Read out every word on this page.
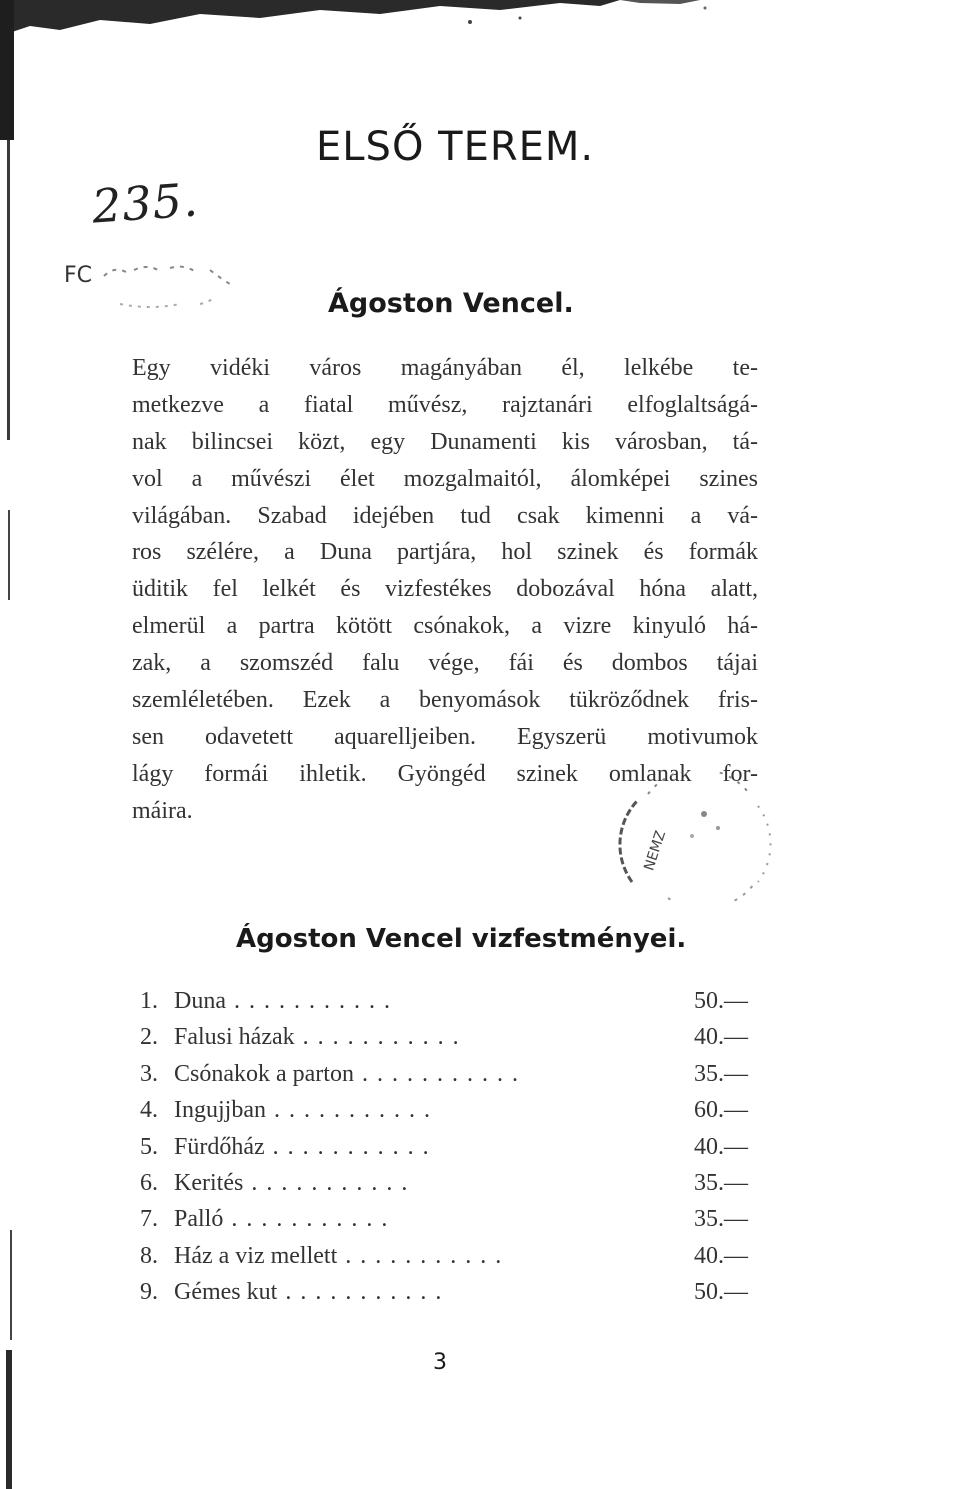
235.
FC
ELSŐ TEREM.
Ágoston Vencel.
Egy vidéki város magányában él, lelkébe te-
metkezve a fiatal művész, rajztanári elfoglaltságá-
nak bilincsei közt, egy Dunamenti kis városban, tá-
vol a művészi élet mozgalmaitól, álomképei szines
világában. Szabad idejében tud csak kimenni a vá-
ros szélére, a Duna partjára, hol szinek és formák
üditik fel lelkét és vizfestékes dobozával hóna alatt,
elmerül a partra kötött csónakok, a vizre kinyuló há-
zak, a szomszéd falu vége, fái és dombos tájai
szemléletében. Ezek a benyomások tükröződnek fris-
sen odavetett aquarelljeiben. Egyszerü motivumok
lágy formái ihletik. Gyöngéd szinek omlanak for-
máira.
NEMZ
Ágoston Vencel vizfestményei.
1. Duna ...........	50.—
2. Falusi házak ...........	40.—
3. Csónakok a parton ...........	35.—
4. Ingujjban ...........	60.—
5. Fürdőház ...........	40.—
6. Kerités ...........	35.—
7. Palló ...........	35.—
8. Ház a viz mellett ...........	40.—
9. Gémes kut ...........	50.—

3
